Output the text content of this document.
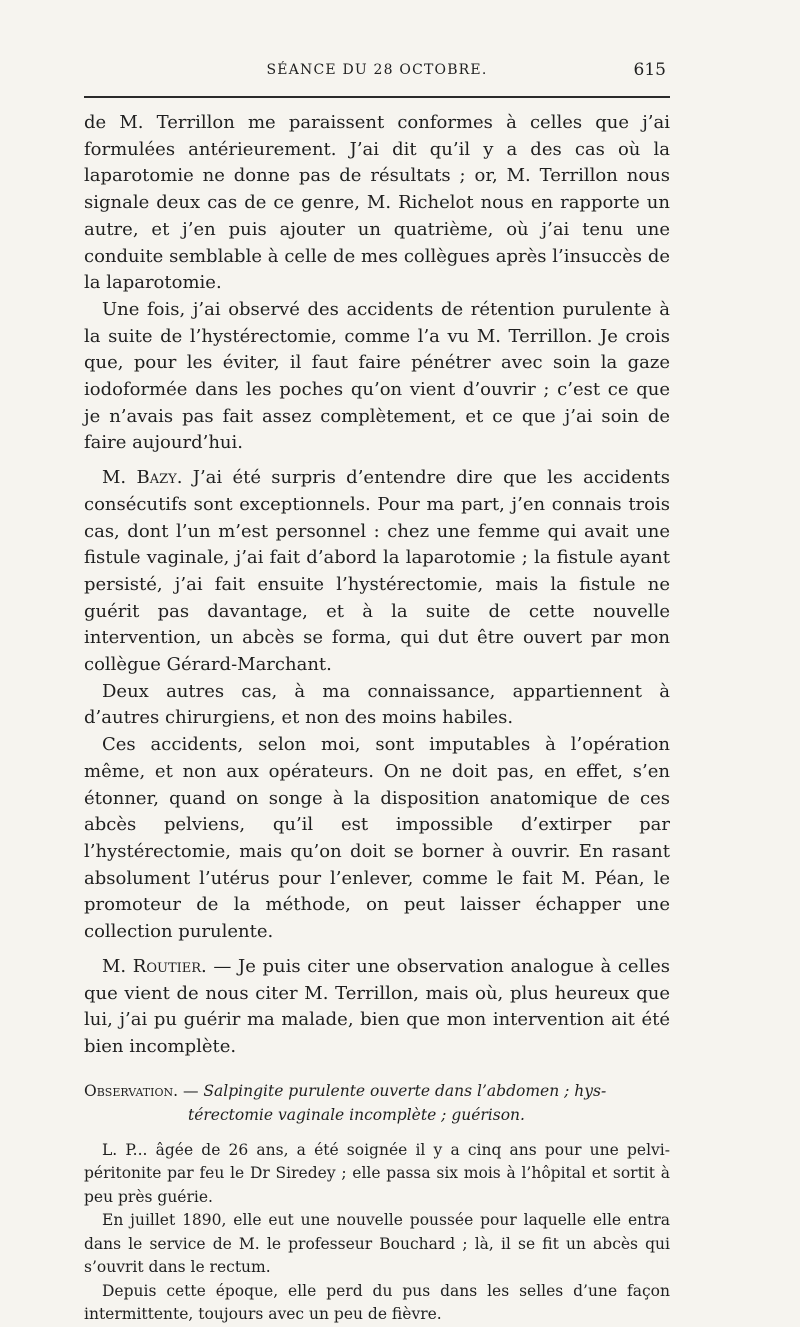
SÉANCE DU 28 OCTOBRE.	615

de M. Terrillon me paraissent conformes à celles que j’ai formulées antérieurement. J’ai dit qu’il y a des cas où la laparotomie ne donne pas de résultats ; or, M. Terrillon nous signale deux cas de ce genre, M. Richelot nous en rapporte un autre, et j’en puis ajouter un quatrième, où j’ai tenu une conduite semblable à celle de mes collègues après l’insuccès de la laparotomie.

Une fois, j’ai observé des accidents de rétention purulente à la suite de l’hystérectomie, comme l’a vu M. Terrillon. Je crois que, pour les éviter, il faut faire pénétrer avec soin la gaze iodoformée dans les poches qu’on vient d’ouvrir ; c’est ce que je n’avais pas fait assez complètement, et ce que j’ai soin de faire aujourd’hui.

M. Bazy. J’ai été surpris d’entendre dire que les accidents consécutifs sont exceptionnels. Pour ma part, j’en connais trois cas, dont l’un m’est personnel : chez une femme qui avait une fistule vaginale, j’ai fait d’abord la laparotomie ; la fistule ayant persisté, j’ai fait ensuite l’hystérectomie, mais la fistule ne guérit pas davantage, et à la suite de cette nouvelle intervention, un abcès se forma, qui dut être ouvert par mon collègue Gérard-Marchant.

Deux autres cas, à ma connaissance, appartiennent à d’autres chirurgiens, et non des moins habiles.

Ces accidents, selon moi, sont imputables à l’opération même, et non aux opérateurs. On ne doit pas, en effet, s’en étonner, quand on songe à la disposition anatomique de ces abcès pelviens, qu’il est impossible d’extirper par l’hystérectomie, mais qu’on doit se borner à ouvrir. En rasant absolument l’utérus pour l’enlever, comme le fait M. Péan, le promoteur de la méthode, on peut laisser échapper une collection purulente.

M. Routier. — Je puis citer une observation analogue à celles que vient de nous citer M. Terrillon, mais où, plus heureux que lui, j’ai pu guérir ma malade, bien que mon intervention ait été bien incomplète.

Observation. — Salpingite purulente ouverte dans l’abdomen ; hys-
térectomie vaginale incomplète ; guérison.

L. P... âgée de 26 ans, a été soignée il y a cinq ans pour une pelvi-péritonite par feu le Dr Siredey ; elle passa six mois à l’hôpital et sortit à peu près guérie.

En juillet 1890, elle eut une nouvelle poussée pour laquelle elle entra dans le service de M. le professeur Bouchard ; là, il se fit un abcès qui s’ouvrit dans le rectum.

Depuis cette époque, elle perd du pus dans les selles d’une façon intermittente, toujours avec un peu de fièvre.
